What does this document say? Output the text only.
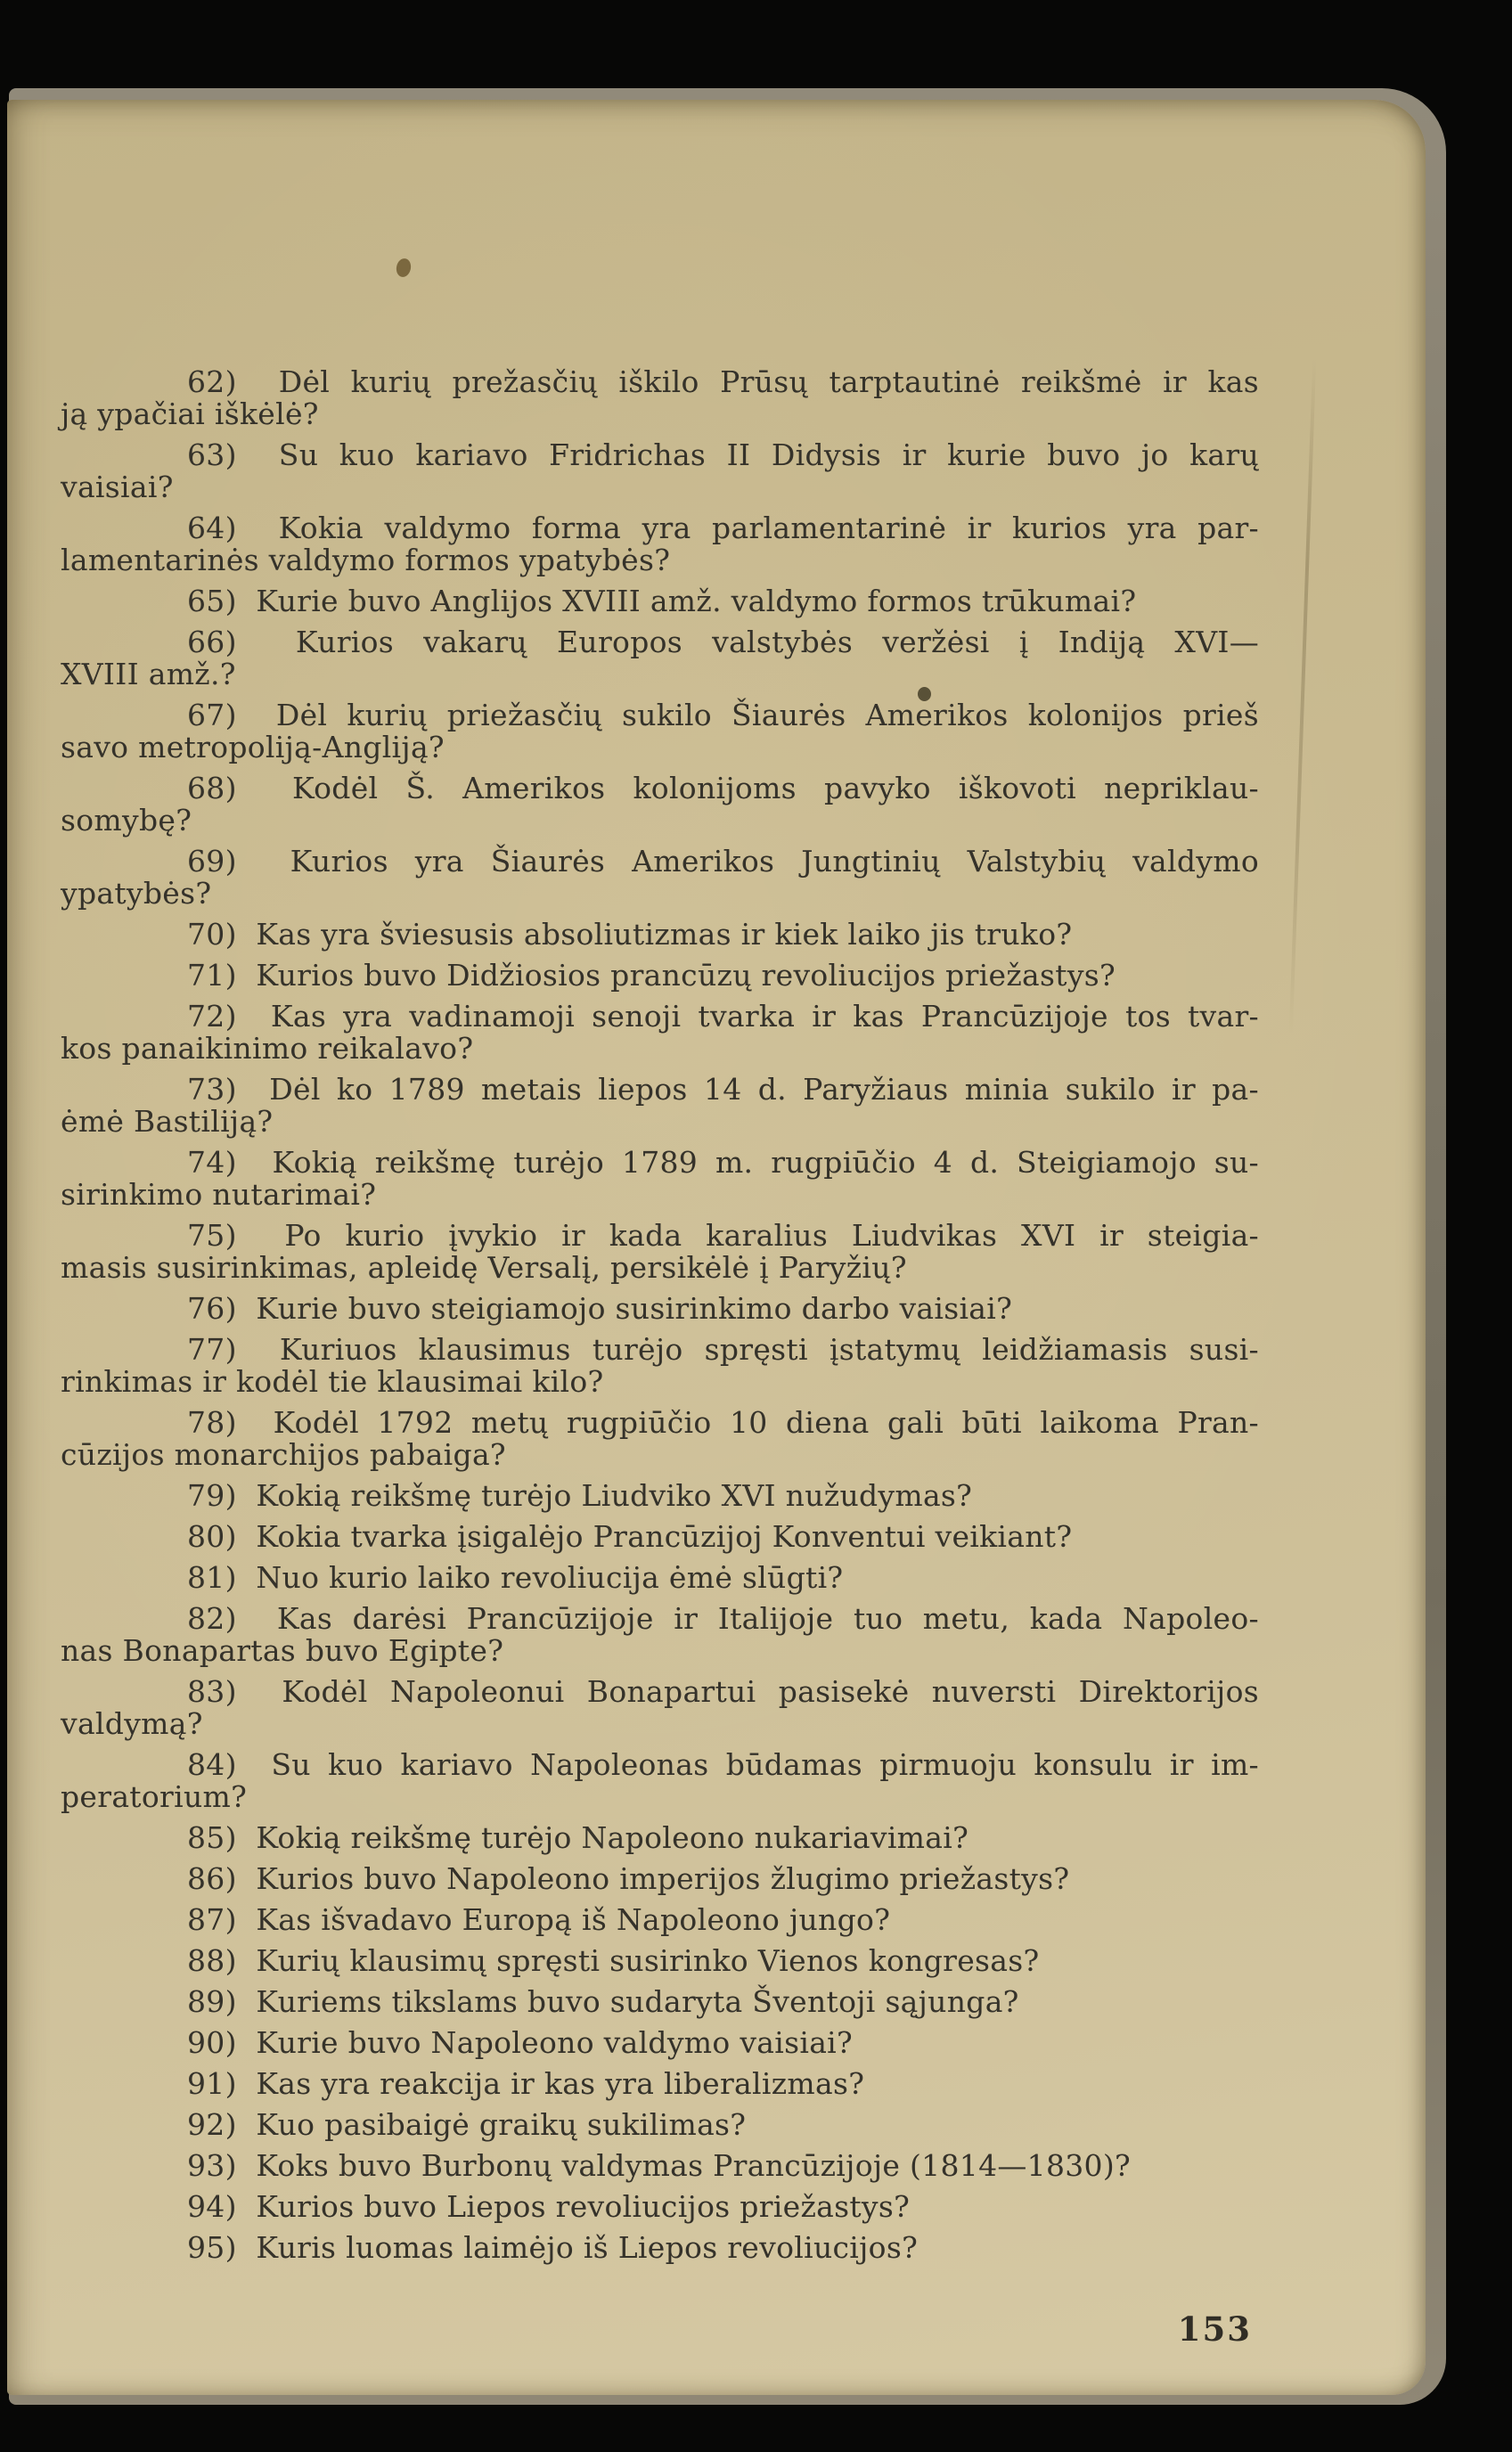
62)  Dėl kurių prežasčių iškilo Prūsų tarptautinė reikšmė ir kas
ją ypačiai iškėlė?

63)  Su kuo kariavo Fridrichas II Didysis ir kurie buvo jo karų
vaisiai?

64)  Kokia valdymo forma yra parlamentarinė ir kurios yra par-
lamentarinės valdymo formos ypatybės?

65)  Kurie buvo Anglijos XVIII amž. valdymo formos trūkumai?

66)  Kurios vakarų Europos valstybės veržėsi į Indiją XVI—
XVIII amž.?

67)  Dėl kurių priežasčių sukilo Šiaurės Amerikos kolonijos prieš
savo metropoliją-Angliją?

68)  Kodėl Š. Amerikos kolonijoms pavyko iškovoti nepriklau-
somybę?

69)  Kurios yra Šiaurės Amerikos Jungtinių Valstybių valdymo
ypatybės?

70)  Kas yra šviesusis absoliutizmas ir kiek laiko jis truko?

71)  Kurios buvo Didžiosios prancūzų revoliucijos priežastys?

72)  Kas yra vadinamoji senoji tvarka ir kas Prancūzijoje tos tvar-
kos panaikinimo reikalavo?

73)  Dėl ko 1789 metais liepos 14 d. Paryžiaus minia sukilo ir pa-
ėmė Bastiliją?

74)  Kokią reikšmę turėjo 1789 m. rugpiūčio 4 d. Steigiamojo su-
sirinkimo nutarimai?

75)  Po kurio įvykio ir kada karalius Liudvikas XVI ir steigia-
masis susirinkimas, apleidę Versalį, persikėlė į Paryžių?

76)  Kurie buvo steigiamojo susirinkimo darbo vaisiai?

77)  Kuriuos klausimus turėjo spręsti įstatymų leidžiamasis susi-
rinkimas ir kodėl tie klausimai kilo?

78)  Kodėl 1792 metų rugpiūčio 10 diena gali būti laikoma Pran-
cūzijos monarchijos pabaiga?

79)  Kokią reikšmę turėjo Liudviko XVI nužudymas?

80)  Kokia tvarka įsigalėjo Prancūzijoj Konventui veikiant?

81)  Nuo kurio laiko revoliucija ėmė slūgti?

82)  Kas darėsi Prancūzijoje ir Italijoje tuo metu, kada Napoleo-
nas Bonapartas buvo Egipte?

83)  Kodėl Napoleonui Bonapartui pasisekė nuversti Direktorijos
valdymą?

84)  Su kuo kariavo Napoleonas būdamas pirmuoju konsulu ir im-
peratorium?

85)  Kokią reikšmę turėjo Napoleono nukariavimai?

86)  Kurios buvo Napoleono imperijos žlugimo priežastys?

87)  Kas išvadavo Europą iš Napoleono jungo?

88)  Kurių klausimų spręsti susirinko Vienos kongresas?

89)  Kuriems tikslams buvo sudaryta Šventoji sąjunga?

90)  Kurie buvo Napoleono valdymo vaisiai?

91)  Kas yra reakcija ir kas yra liberalizmas?

92)  Kuo pasibaigė graikų sukilimas?

93)  Koks buvo Burbonų valdymas Prancūzijoje (1814—1830)?

94)  Kurios buvo Liepos revoliucijos priežastys?

95)  Kuris luomas laimėjo iš Liepos revoliucijos?

153
